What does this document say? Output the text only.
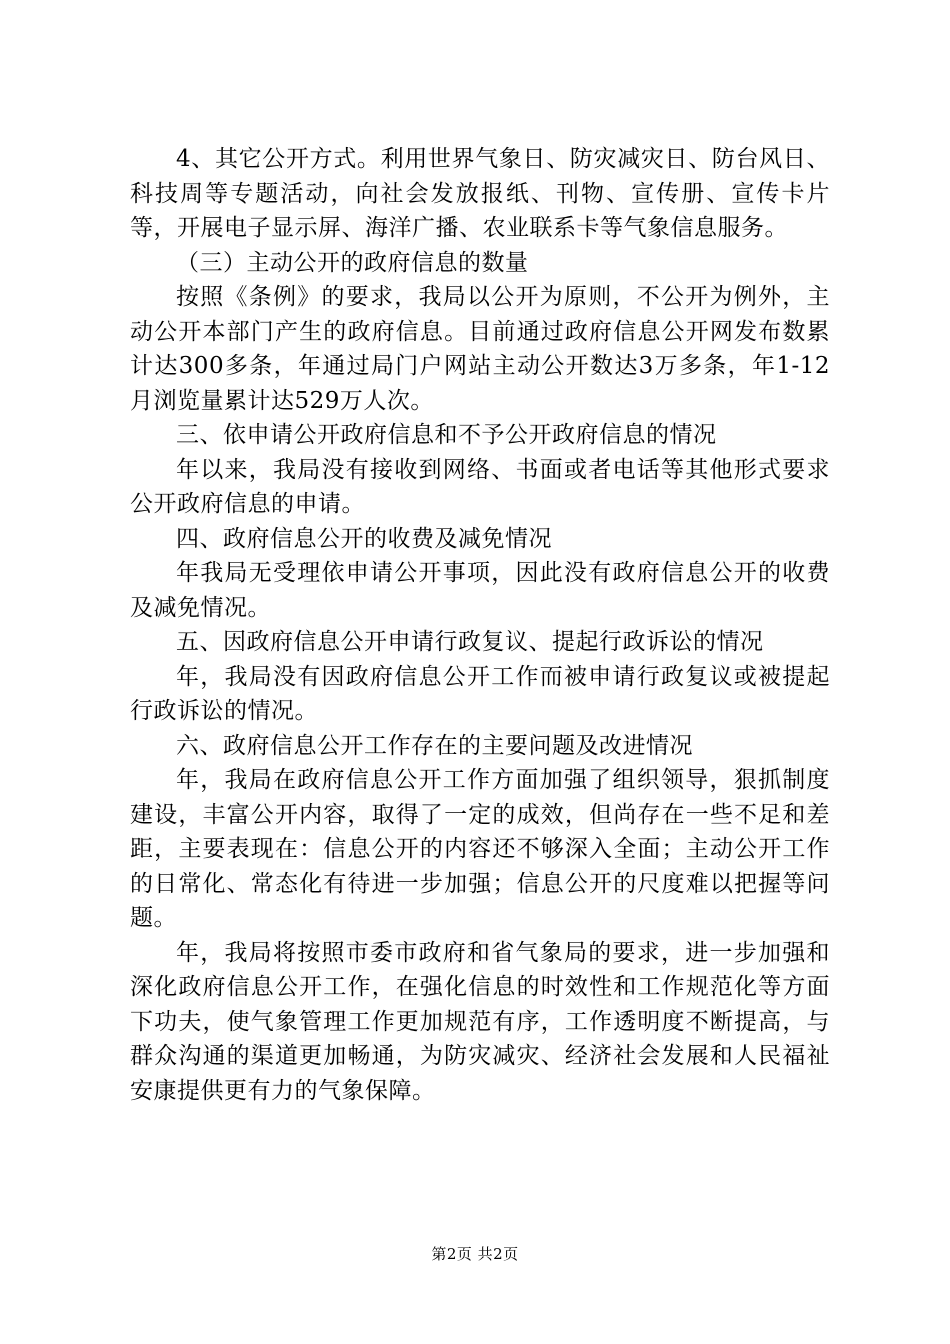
4、其它公开方式。利用世界气象日、防灾减灾日、防台风日、科技周等专题活动，向社会发放报纸、刊物、宣传册、宣传卡片等，开展电子显示屏、海洋广播、农业联系卡等气象信息服务。

（三）主动公开的政府信息的数量

按照《条例》的要求，我局以公开为原则，不公开为例外，主动公开本部门产生的政府信息。目前通过政府信息公开网发布数累计达300多条，年通过局门户网站主动公开数达3万多条，年1-12月浏览量累计达529万人次。

三、依申请公开政府信息和不予公开政府信息的情况

年以来，我局没有接收到网络、书面或者电话等其他形式要求公开政府信息的申请。

四、政府信息公开的收费及减免情况

年我局无受理依申请公开事项，因此没有政府信息公开的收费及减免情况。

五、因政府信息公开申请行政复议、提起行政诉讼的情况

年，我局没有因政府信息公开工作而被申请行政复议或被提起行政诉讼的情况。

六、政府信息公开工作存在的主要问题及改进情况

年，我局在政府信息公开工作方面加强了组织领导，狠抓制度建设，丰富公开内容，取得了一定的成效，但尚存在一些不足和差距，主要表现在：信息公开的内容还不够深入全面；主动公开工作的日常化、常态化有待进一步加强；信息公开的尺度难以把握等问题。

年，我局将按照市委市政府和省气象局的要求，进一步加强和深化政府信息公开工作，在强化信息的时效性和工作规范化等方面下功夫，使气象管理工作更加规范有序，工作透明度不断提高，与群众沟通的渠道更加畅通，为防灾减灾、经济社会发展和人民福祉安康提供更有力的气象保障。

第2页 共2页
